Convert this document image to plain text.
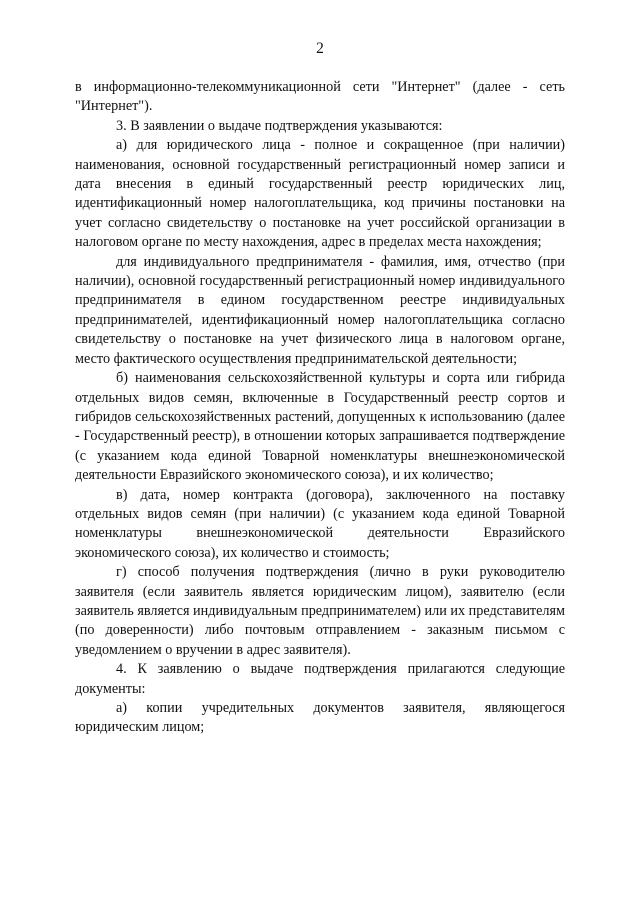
2

в информационно-телекоммуникационной сети "Интернет" (далее - сеть "Интернет").

3. В заявлении о выдаче подтверждения указываются:

а) для юридического лица - полное и сокращенное (при наличии) наименования, основной государственный регистрационный номер записи и дата внесения в единый государственный реестр юридических лиц, идентификационный номер налогоплательщика, код причины постановки на учет согласно свидетельству о постановке на учет российской организации в налоговом органе по месту нахождения, адрес в пределах места нахождения;

для индивидуального предпринимателя - фамилия, имя, отчество (при наличии), основной государственный регистрационный номер индивидуального предпринимателя в едином государственном реестре индивидуальных предпринимателей, идентификационный номер налогоплательщика согласно свидетельству о постановке на учет физического лица в налоговом органе, место фактического осуществления предпринимательской деятельности;

б) наименования сельскохозяйственной культуры и сорта или гибрида отдельных видов семян, включенные в Государственный реестр сортов и гибридов сельскохозяйственных растений, допущенных к использованию (далее - Государственный реестр), в отношении которых запрашивается подтверждение (с указанием кода единой Товарной номенклатуры внешнеэкономической деятельности Евразийского экономического союза), и их количество;

в) дата, номер контракта (договора), заключенного на поставку отдельных видов семян (при наличии) (с указанием кода единой Товарной номенклатуры внешнеэкономической деятельности Евразийского экономического союза), их количество и стоимость;

г) способ получения подтверждения (лично в руки руководителю заявителя (если заявитель является юридическим лицом), заявителю (если заявитель является индивидуальным предпринимателем) или их представителям (по доверенности) либо почтовым отправлением - заказным письмом с уведомлением о вручении в адрес заявителя).

4. К заявлению о выдаче подтверждения прилагаются следующие документы:

а) копии учредительных документов заявителя, являющегося юридическим лицом;
